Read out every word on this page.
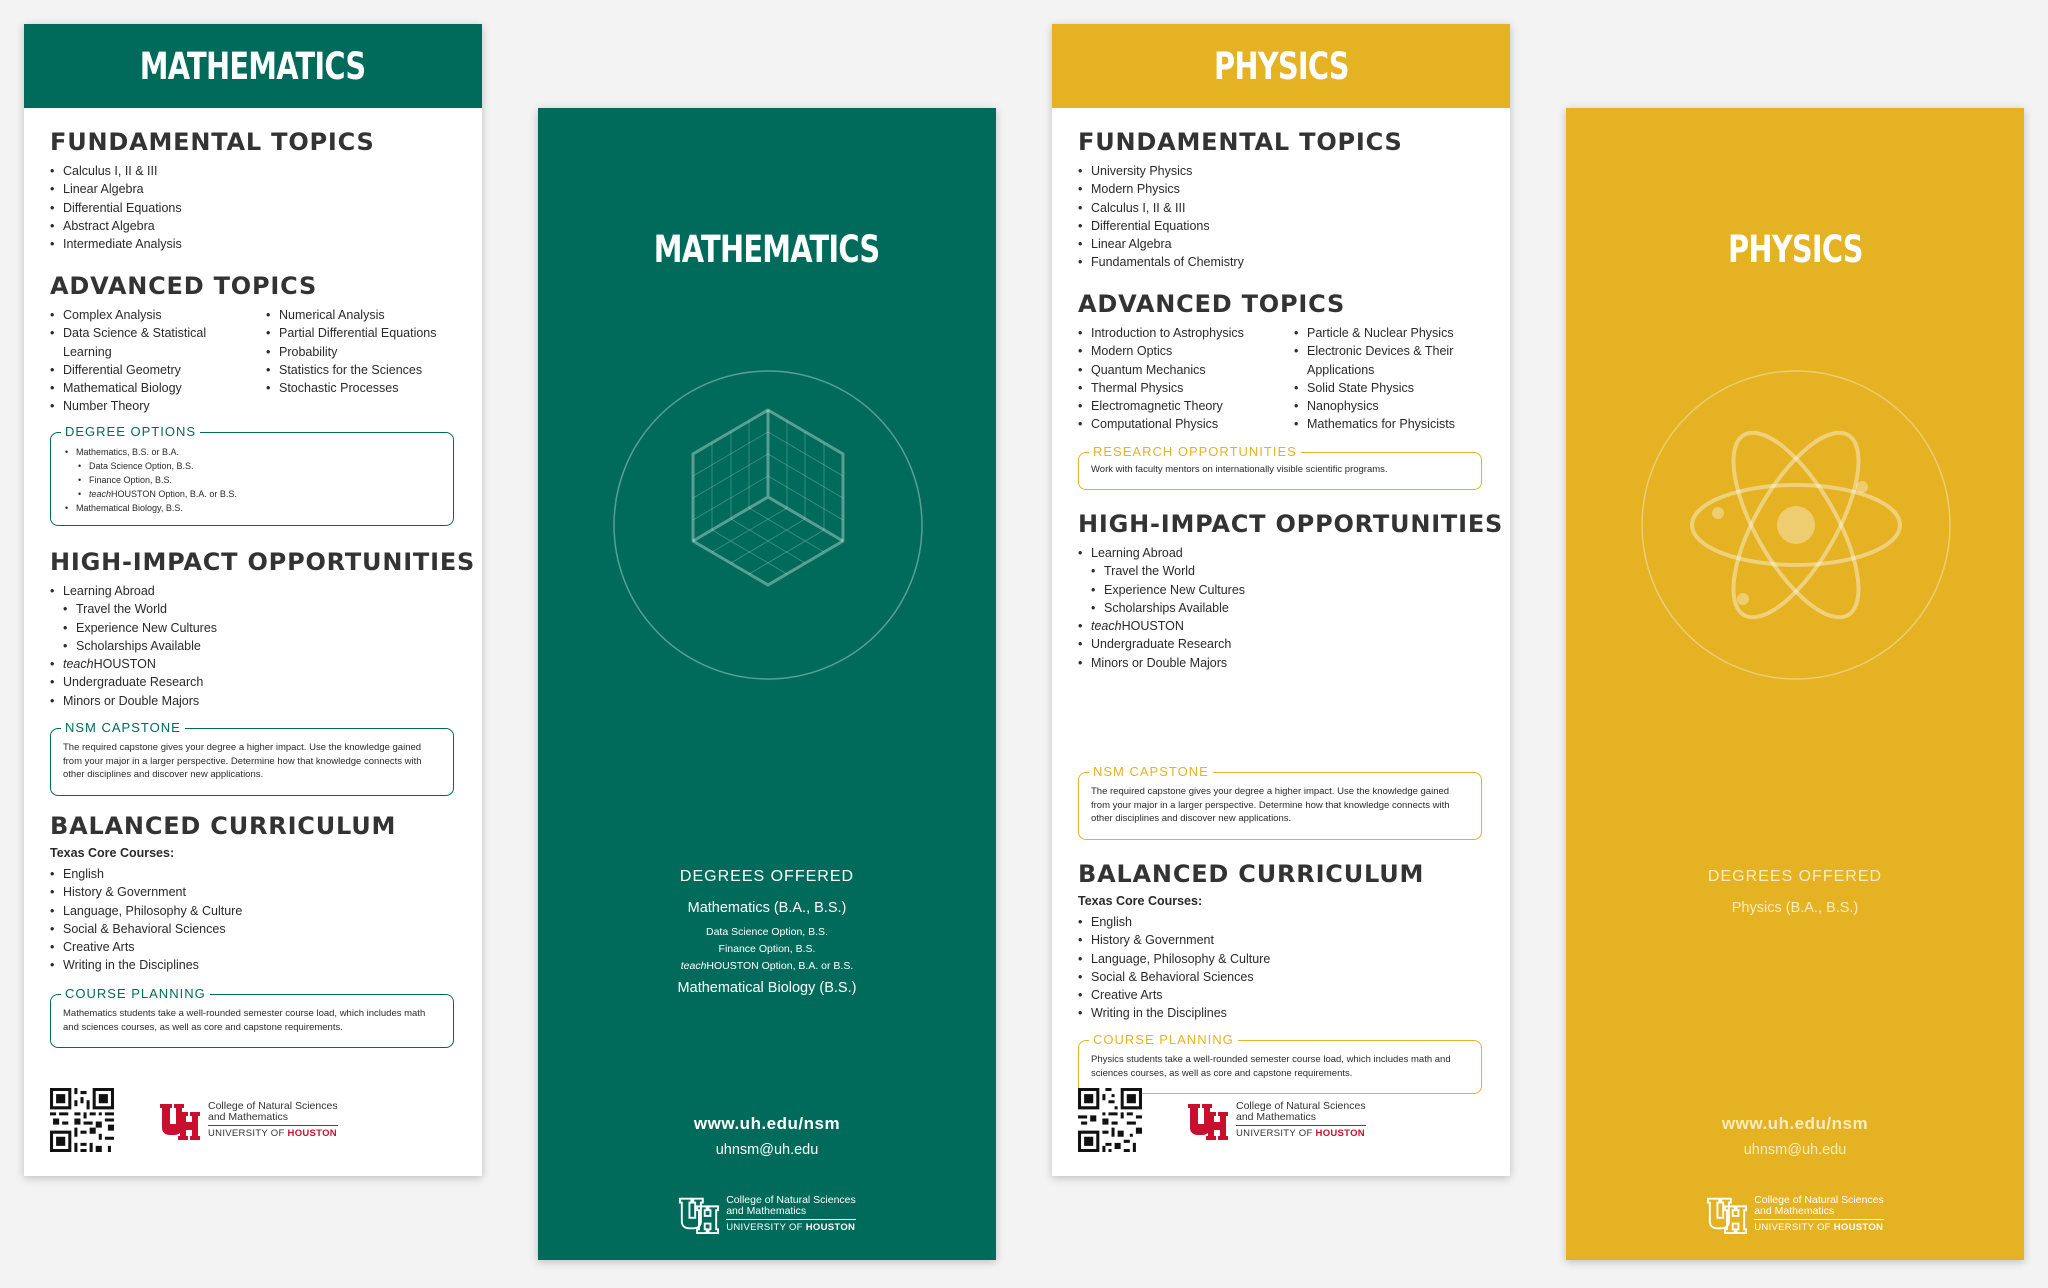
MATHEMATICS
FUNDAMENTAL TOPICS
• Calculus I, II & III
• Linear Algebra
• Differential Equations
• Abstract Algebra
• Intermediate Analysis
ADVANCED TOPICS
• Complex Analysis
• Data Science & Statistical
Learning
• Differential Geometry
• Mathematical Biology
• Number Theory
• Numerical Analysis
• Partial Differential Equations
• Probability
• Statistics for the Sciences
• Stochastic Processes
DEGREE OPTIONS
• Mathematics, B.S. or B.A.
• Data Science Option, B.S.
• Finance Option, B.S.
• teachHOUSTON Option, B.A. or B.S.
• Mathematical Biology, B.S.
HIGH-IMPACT OPPORTUNITIES
• Learning Abroad
• Travel the World
• Experience New Cultures
• Scholarships Available
• teachHOUSTON
• Undergraduate Research
• Minors or Double Majors
NSM CAPSTONE

The required capstone gives your degree a higher impact. Use the knowledge gained from your major in a larger perspective. Determine how that knowledge connects with other disciplines and discover new applications.

BALANCED CURRICULUM
Texas Core Courses:
• English
• History & Government
• Language, Philosophy & Culture
• Social & Behavioral Sciences
• Creative Arts
• Writing in the Disciplines
COURSE PLANNING

Mathematics students take a well-rounded semester course load, which includes math and sciences courses, as well as core and capstone requirements.

College of Natural Sciences
and Mathematics
UNIVERSITY OF HOUSTON
MATHEMATICS
DEGREES OFFERED
Mathematics (B.A., B.S.)
Data Science Option, B.S.
Finance Option, B.S.
teachHOUSTON Option, B.A. or B.S.
Mathematical Biology (B.S.)
www.uh.edu/nsm
uhnsm@uh.edu
College of Natural Sciences
and Mathematics
UNIVERSITY OF HOUSTON
PHYSICS
FUNDAMENTAL TOPICS
• University Physics
• Modern Physics
• Calculus I, II & III
• Differential Equations
• Linear Algebra
• Fundamentals of Chemistry
ADVANCED TOPICS
• Introduction to Astrophysics
• Modern Optics
• Quantum Mechanics
• Thermal Physics
• Electromagnetic Theory
• Computational Physics
• Particle & Nuclear Physics
• Electronic Devices & Their
Applications
• Solid State Physics
• Nanophysics
• Mathematics for Physicists
RESEARCH OPPORTUNITIES

Work with faculty mentors on internationally visible scientific programs.

HIGH-IMPACT OPPORTUNITIES
• Learning Abroad
• Travel the World
• Experience New Cultures
• Scholarships Available
• teachHOUSTON
• Undergraduate Research
• Minors or Double Majors
NSM CAPSTONE

The required capstone gives your degree a higher impact. Use the knowledge gained from your major in a larger perspective. Determine how that knowledge connects with other disciplines and discover new applications.

BALANCED CURRICULUM
Texas Core Courses:
• English
• History & Government
• Language, Philosophy & Culture
• Social & Behavioral Sciences
• Creative Arts
• Writing in the Disciplines
COURSE PLANNING

Physics students take a well-rounded semester course load, which includes math and sciences courses, as well as core and capstone requirements.

College of Natural Sciences
and Mathematics
UNIVERSITY OF HOUSTON
PHYSICS
DEGREES OFFERED
Physics (B.A., B.S.)
www.uh.edu/nsm
uhnsm@uh.edu
College of Natural Sciences
and Mathematics
UNIVERSITY OF HOUSTON
